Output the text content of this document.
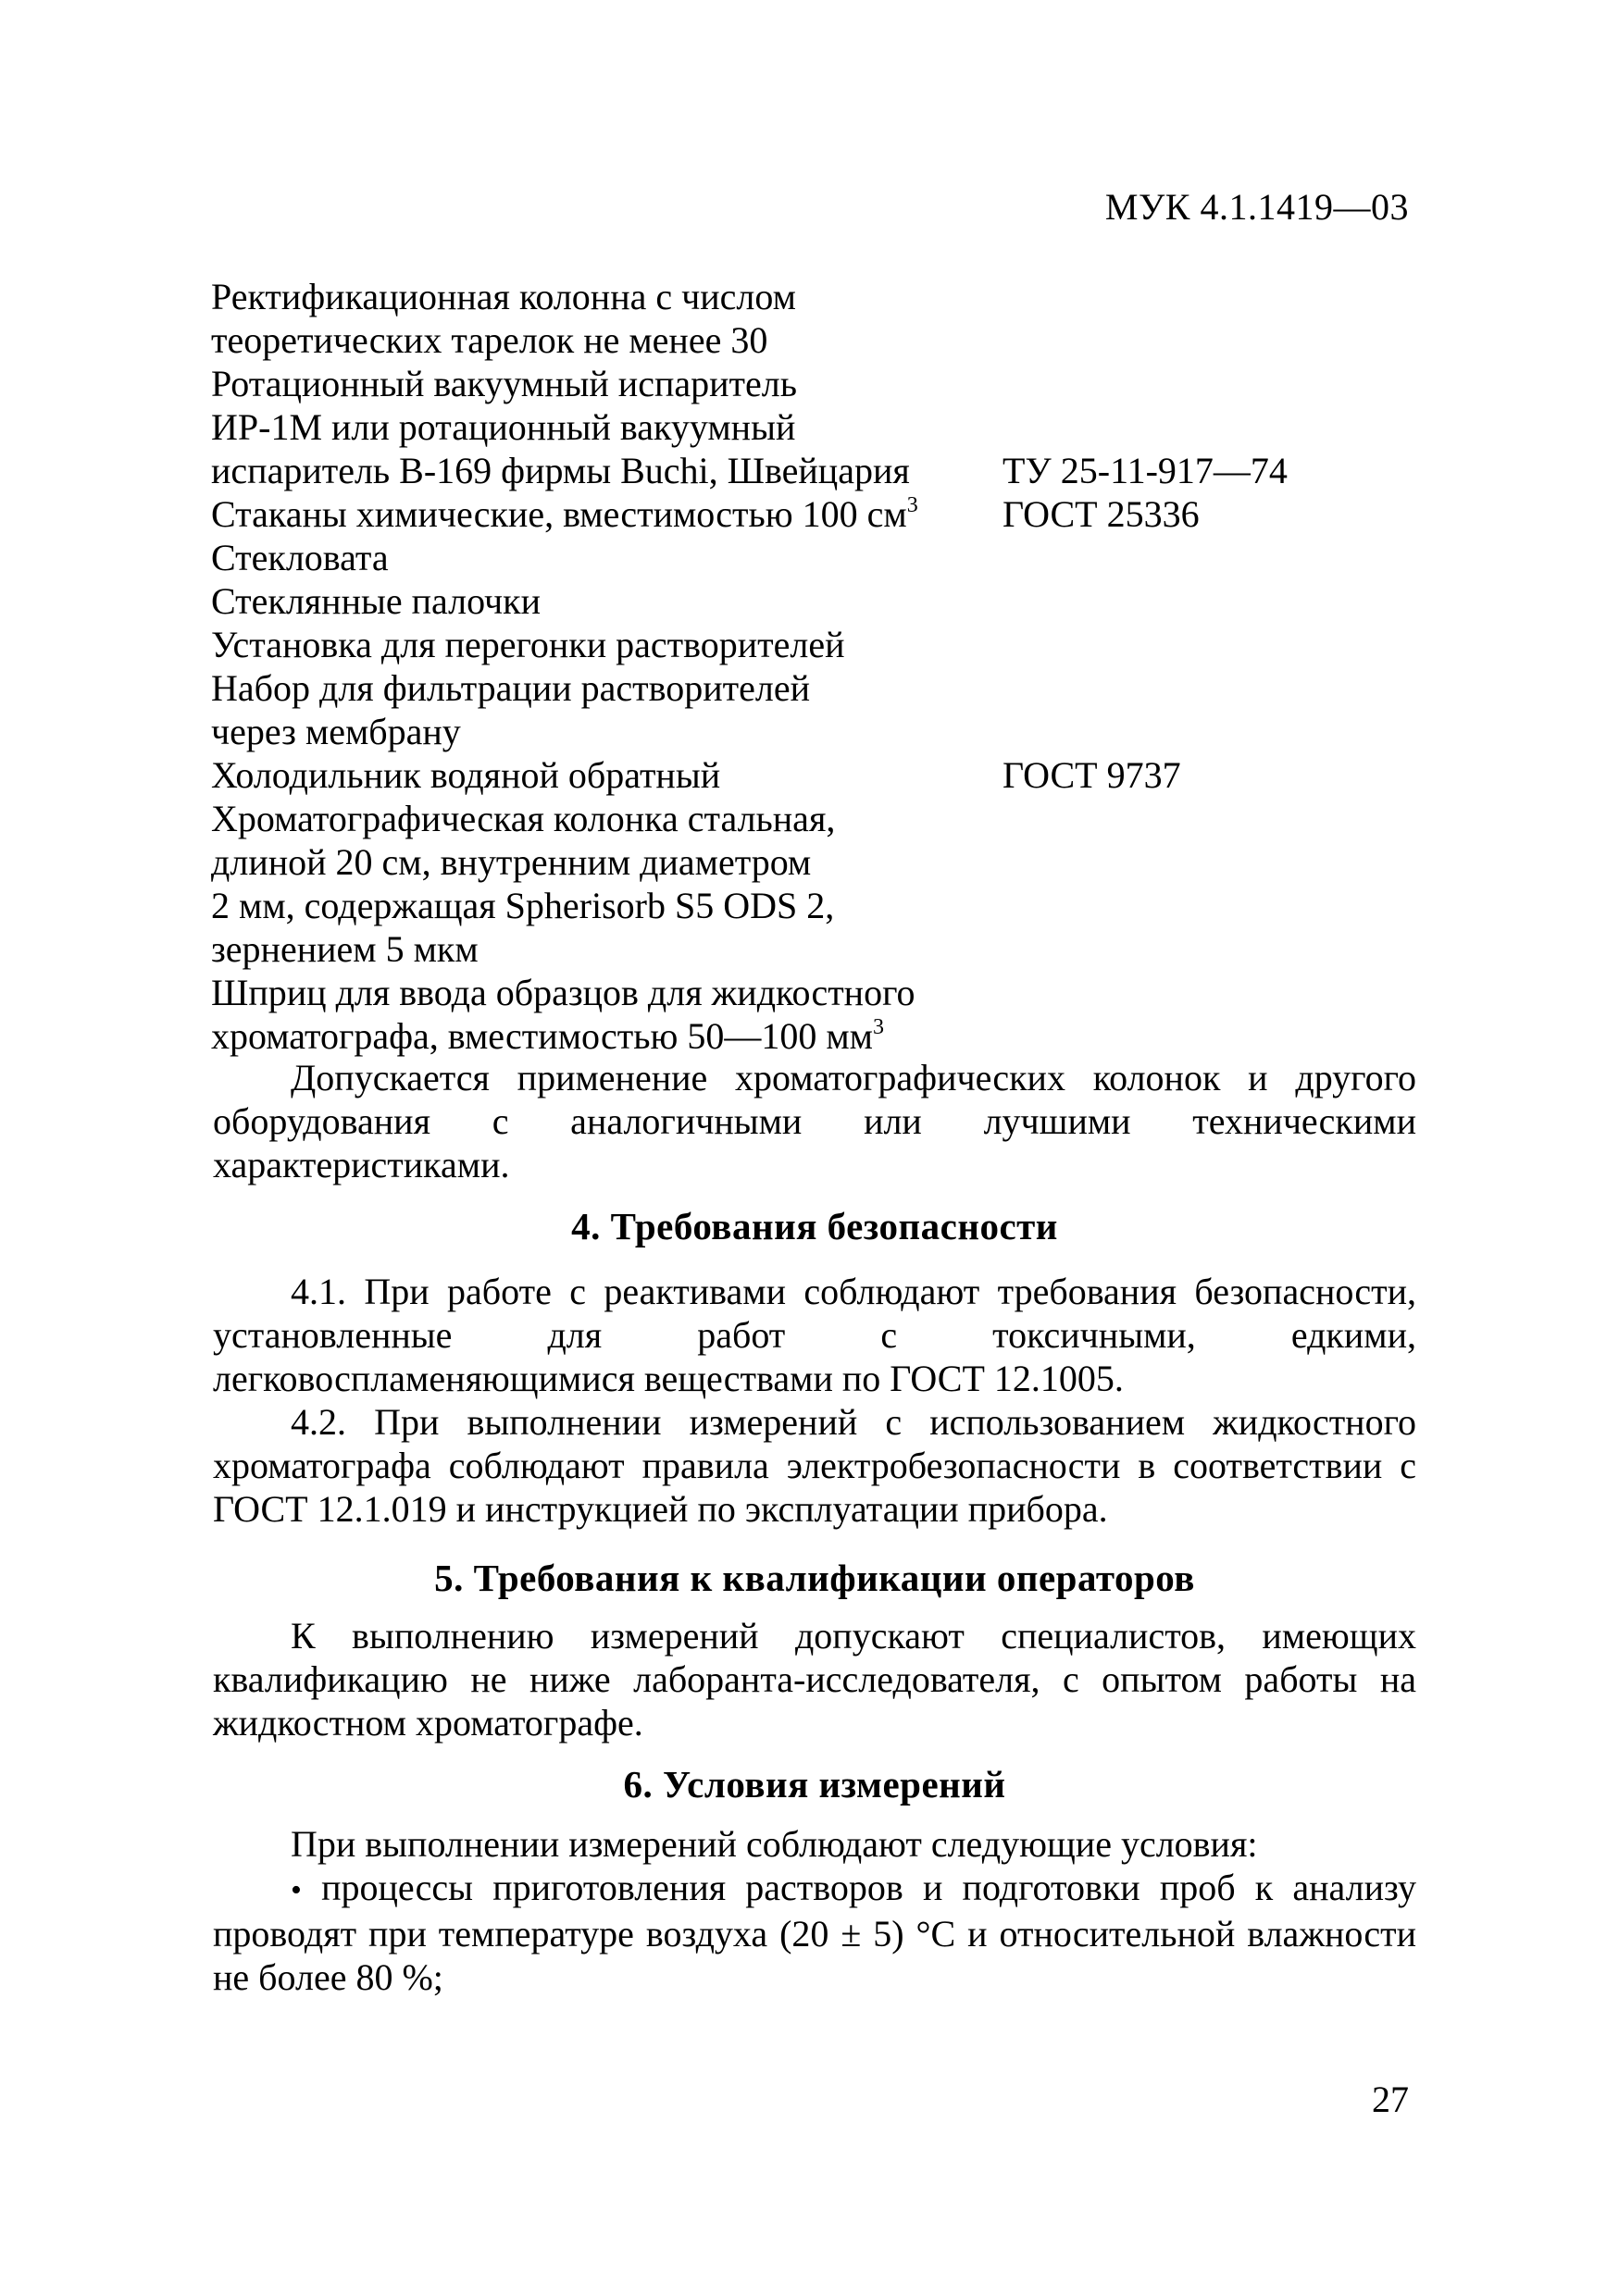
МУК 4.1.1419—03
Ректификационная колонна с числом
теоретических тарелок не менее 30
Ротационный вакуумный испаритель
ИР-1М или ротационный вакуумный
испаритель В-169 фирмы Buchi, Швейцария	ТУ 25-11-917—74
Стаканы химические, вместимостью 100 $см^3$	ГОСТ 25336
Стекловата
Стеклянные палочки
Установка для перегонки растворителей
Набор для фильтрации растворителей
через мембрану
Холодильник водяной обратный	ГОСТ 9737
Хроматографическая колонка стальная,
длиной 20 см, внутренним диаметром
2 мм, содержащая Spherisorb S5 ODS 2,
зернением 5 мкм
Шприц для ввода образцов для жидкостного
хроматографа, вместимостью 50—100 $мм^3$

Допускается применение хроматографических колонок и другого оборудования с аналогичными или лучшими техническими характеристиками.

4. Требования безопасности

4.1. При работе с реактивами соблюдают требования безопасности, установленные для работ с токсичными, едкими, легковоспламеняющимися веществами по ГОСТ 12.1005.

4.2. При выполнении измерений с использованием жидкостного хроматографа соблюдают правила электробезопасности в соответствии с ГОСТ 12.1.019 и инструкцией по эксплуатации прибора.

5. Требования к квалификации операторов

К выполнению измерений допускают специалистов, имеющих квалификацию не ниже лаборанта-исследователя, с опытом работы на жидкостном хроматографе.

6. Условия измерений

При выполнении измерений соблюдают следующие условия:

• процессы приготовления растворов и подготовки проб к анализу проводят при температуре воздуха (20 ± 5) °С и относительной влажности не более 80 %;

27
